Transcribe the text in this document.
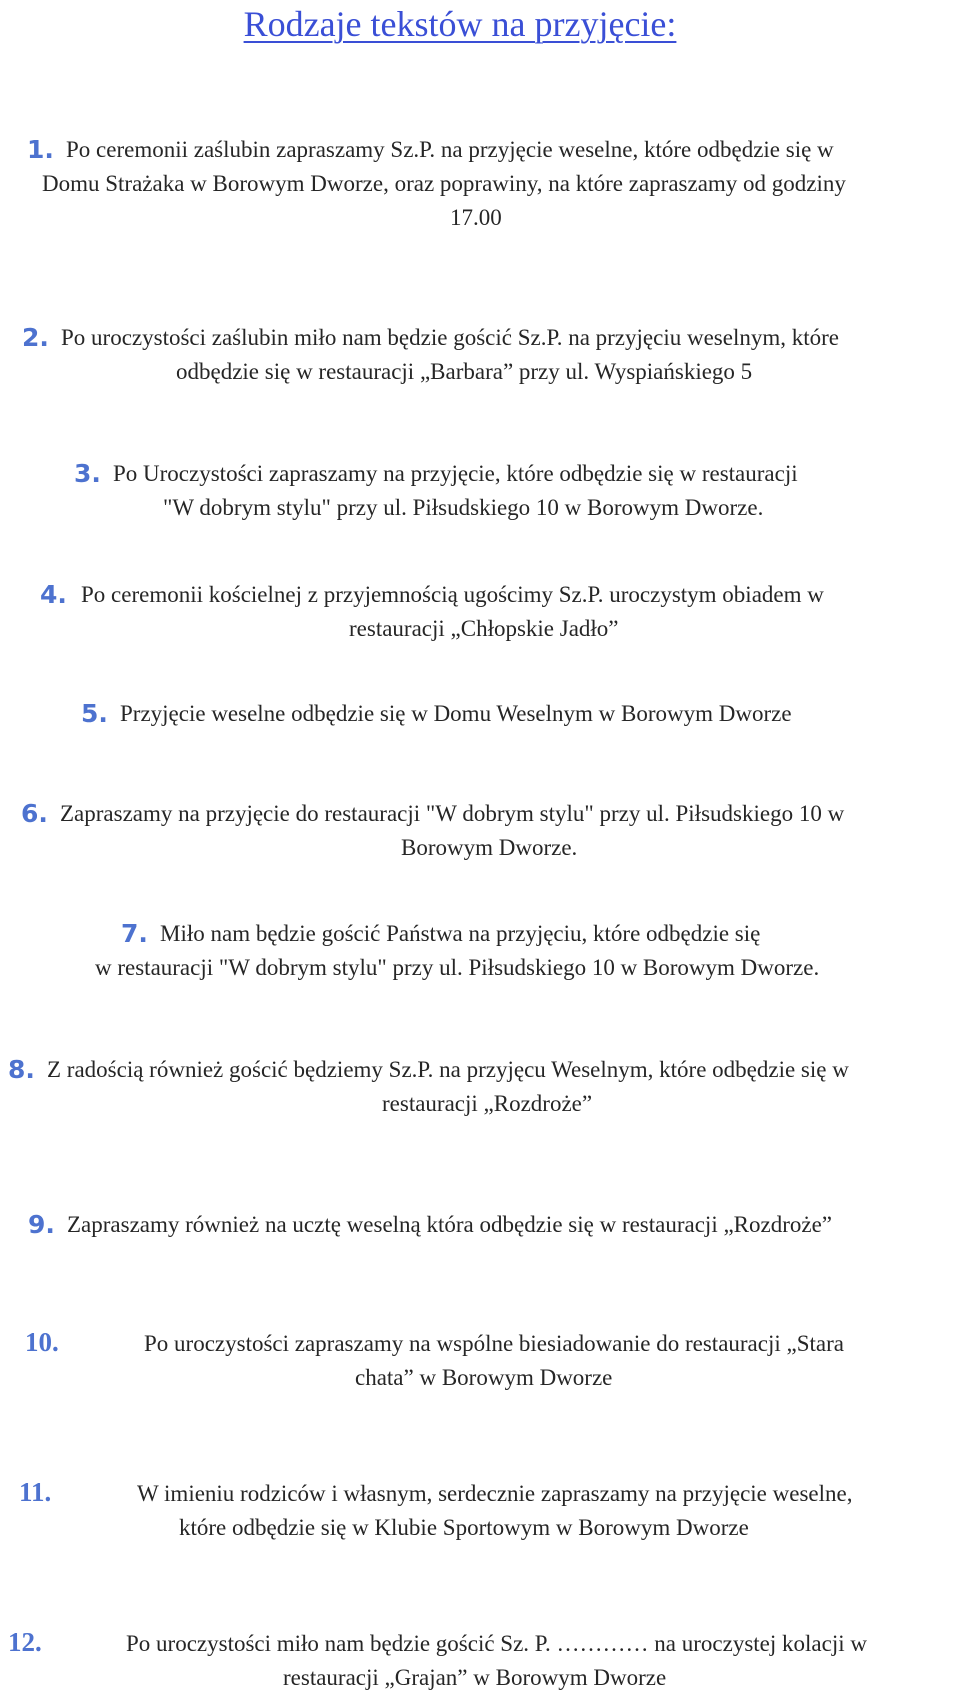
Rodzaje tekstów na przyjęcie:
1. Po ceremonii zaślubin zapraszamy Sz.P. na przyjęcie weselne, które odbędzie się w
Domu Strażaka w Borowym Dworze, oraz poprawiny, na które zapraszamy od godziny
17.00
2. Po uroczystości zaślubin miło nam będzie gościć Sz.P. na przyjęciu weselnym, które
odbędzie się w restauracji „Barbara” przy ul. Wyspiańskiego 5
3. Po Uroczystości zapraszamy na przyjęcie, które odbędzie się w restauracji
"W dobrym stylu" przy ul. Piłsudskiego 10 w Borowym Dworze.
4. Po ceremonii kościelnej z przyjemnością ugościmy Sz.P. uroczystym obiadem w
restauracji „Chłopskie Jadło”
5. Przyjęcie weselne odbędzie się w Domu Weselnym w Borowym Dworze
6. Zapraszamy na przyjęcie do restauracji "W dobrym stylu" przy ul. Piłsudskiego 10 w
Borowym Dworze.
7. Miło nam będzie gościć Państwa na przyjęciu, które odbędzie się
w restauracji "W dobrym stylu" przy ul. Piłsudskiego 10 w Borowym Dworze.
8. Z radością również gościć będziemy Sz.P. na przyjęcu Weselnym, które odbędzie się w
restauracji „Rozdroże”
9. Zapraszamy również na ucztę weselną która odbędzie się w restauracji „Rozdroże”
10.	Po uroczystości zapraszamy na wspólne biesiadowanie do restauracji „Stara
chata” w Borowym Dworze
11.	W imieniu rodziców i własnym, serdecznie zapraszamy na przyjęcie weselne,
które odbędzie się w Klubie Sportowym w Borowym Dworze
12.	Po uroczystości miło nam będzie gościć Sz. P. ………… na uroczystej kolacji w
restauracji „Grajan” w Borowym Dworze
